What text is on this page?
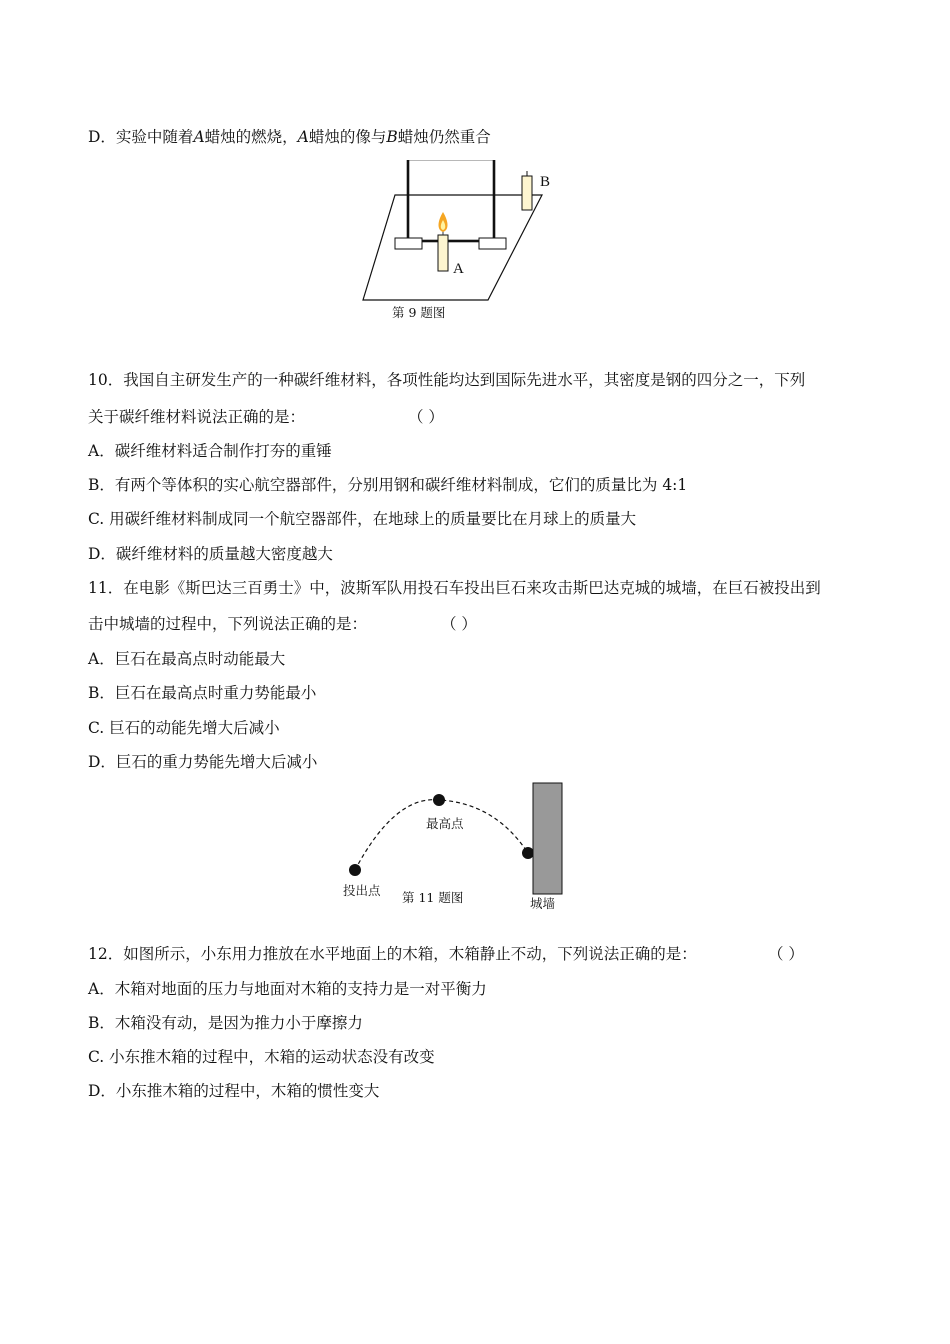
D．实验中随着A蜡烛的燃烧，A蜡烛的像与B蜡烛仍然重合
A
B
第 9 题图
10．我国自主研发生产的一种碳纤维材料，各项性能均达到国际先进水平，其密度是钢的四分之一，下列
关于碳纤维材料说法正确的是：	（ ）
A．碳纤维材料适合制作打夯的重锤
B．有两个等体积的实心航空器部件，分别用钢和碳纤维材料制成，它们的质量比为 4:1
C. 用碳纤维材料制成同一个航空器部件，在地球上的质量要比在月球上的质量大
D．碳纤维材料的质量越大密度越大
11．在电影《斯巴达三百勇士》中，波斯军队用投石车投出巨石来攻击斯巴达克城的城墙，在巨石被投出到
击中城墙的过程中，下列说法正确的是：	（ ）
A．巨石在最高点时动能最大
B．巨石在最高点时重力势能最小
C. 巨石的动能先增大后减小
D．巨石的重力势能先增大后减小
投出点
最高点
城墙
第 11 题图
12．如图所示，小东用力推放在水平地面上的木箱，木箱静止不动，下列说法正确的是：	（ ）
A．木箱对地面的压力与地面对木箱的支持力是一对平衡力
B．木箱没有动，是因为推力小于摩擦力
C. 小东推木箱的过程中，木箱的运动状态没有改变
D．小东推木箱的过程中，木箱的惯性变大
